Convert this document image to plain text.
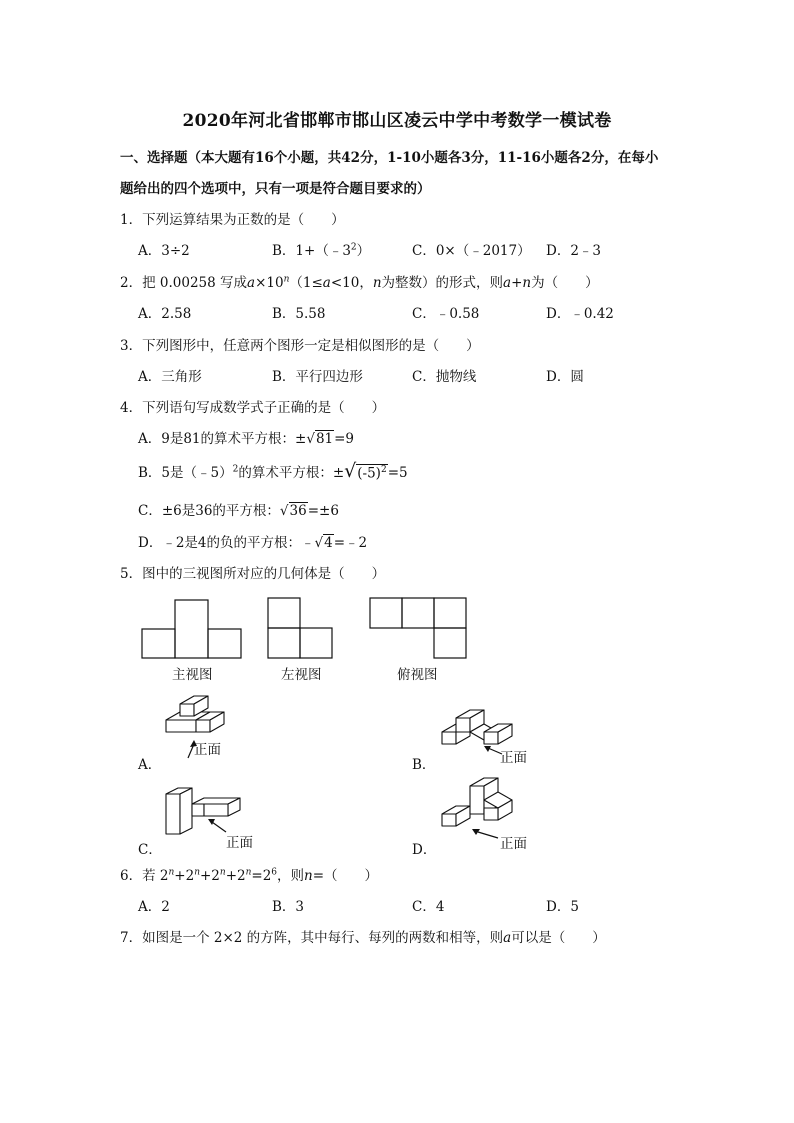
2020年河北省邯郸市邯山区凌云中学中考数学一模试卷
一、选择题（本大题有16个小题，共42分，1-10小题各3分，11-16小题各2分，在每小
题给出的四个选项中，只有一项是符合题目要求的）
1．下列运算结果为正数的是（　　）
A．3÷2	B．$1+(﹣3^2)$	C．0×（﹣2017） D．2﹣3
2．把 0.00258 写成$a\times 10^n(1\le a<10$，n为整数）的形式，则a+n为（　　）
A．2.58	B．5.58	C．﹣0.58	D．﹣0.42
3．下列图形中，任意两个图形一定是相似图形的是（　　）
A．三角形	B．平行四边形	C．抛物线	D．圆
4．下列语句写成数学式子正确的是（　　）
A．9是81的算术平方根：±√81=9
B．5是（﹣5）$^2$的算术平方根：$\pm√(-5)^2=5$
C．±6是36的平方根：√36=±6
D．﹣2是4的负的平方根：﹣√4=﹣2
5．图中的三视图所对应的几何体是（　　）
主视图	左视图	俯视图
A．
正面
B．	正面
C．	正面	D．	正面
6．若 $2^n+2^n+2^n+2^n=2^6$，则n=（　　）
A．2	B．3	C．4	D．5
7．如图是一个 2×2 的方阵，其中每行、每列的两数和相等，则a可以是（　　）
